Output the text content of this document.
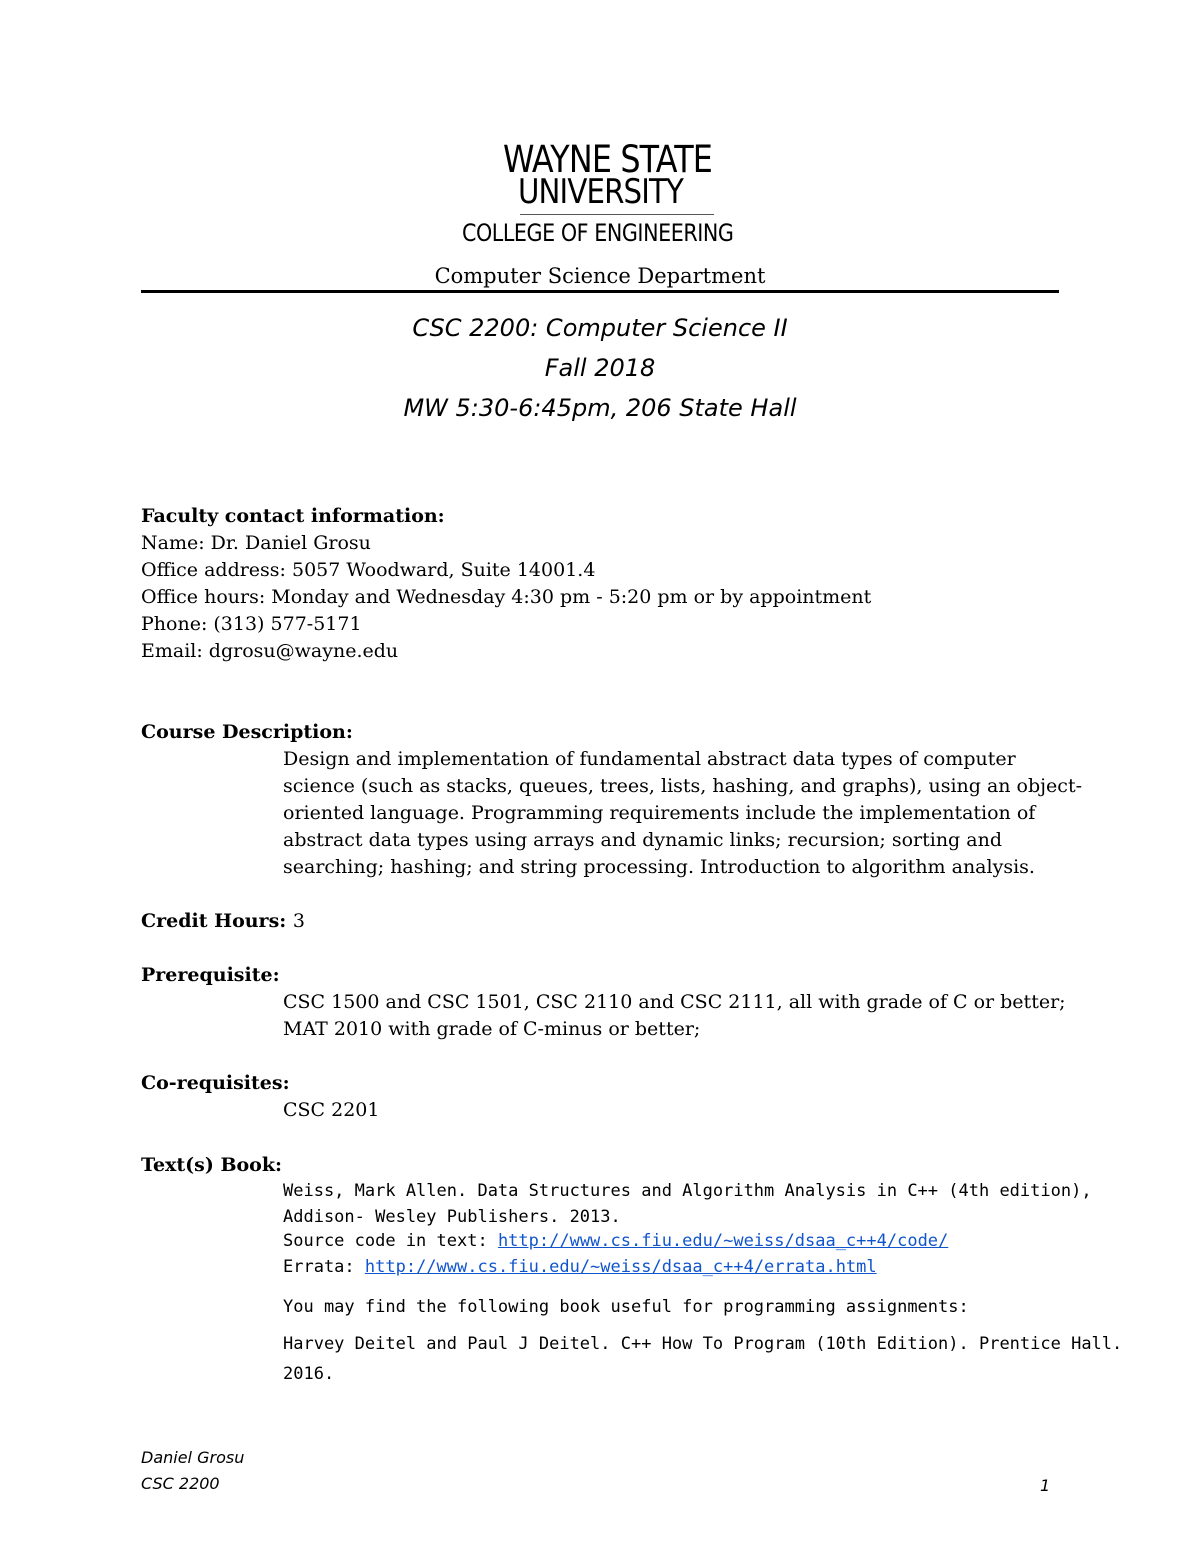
WAYNE STATE
UNIVERSITY
COLLEGE OF ENGINEERING
Computer Science Department
CSC 2200: Computer Science II
Fall 2018
MW 5:30-6:45pm, 206 State Hall
Faculty contact information:
Name: Dr. Daniel Grosu
Office address: 5057 Woodward, Suite 14001.4
Office hours: Monday and Wednesday 4:30 pm - 5:20 pm or by appointment
Phone: (313) 577-5171
Email: dgrosu@wayne.edu
Course Description:
Design and implementation of fundamental abstract data types of computer
science (such as stacks, queues, trees, lists, hashing, and graphs), using an object-
oriented language. Programming requirements include the implementation of
abstract data types using arrays and dynamic links; recursion; sorting and
searching; hashing; and string processing. Introduction to algorithm analysis.
Credit Hours: 3
Prerequisite:
CSC 1500 and CSC 1501, CSC 2110 and CSC 2111, all with grade of C or better;
MAT 2010 with grade of C-minus or better;
Co-requisites:
CSC 2201
Text(s) Book:
Weiss, Mark Allen. Data Structures and Algorithm Analysis in C++ (4th edition),
Addison- Wesley Publishers. 2013.
Source code in text: http://www.cs.fiu.edu/~weiss/dsaa_c++4/code/
Errata: http://www.cs.fiu.edu/~weiss/dsaa_c++4/errata.html
You may find the following book useful for programming assignments:
Harvey Deitel and Paul J Deitel. C++ How To Program (10th Edition). Prentice Hall.
2016.
Daniel Grosu
CSC 2200	1
